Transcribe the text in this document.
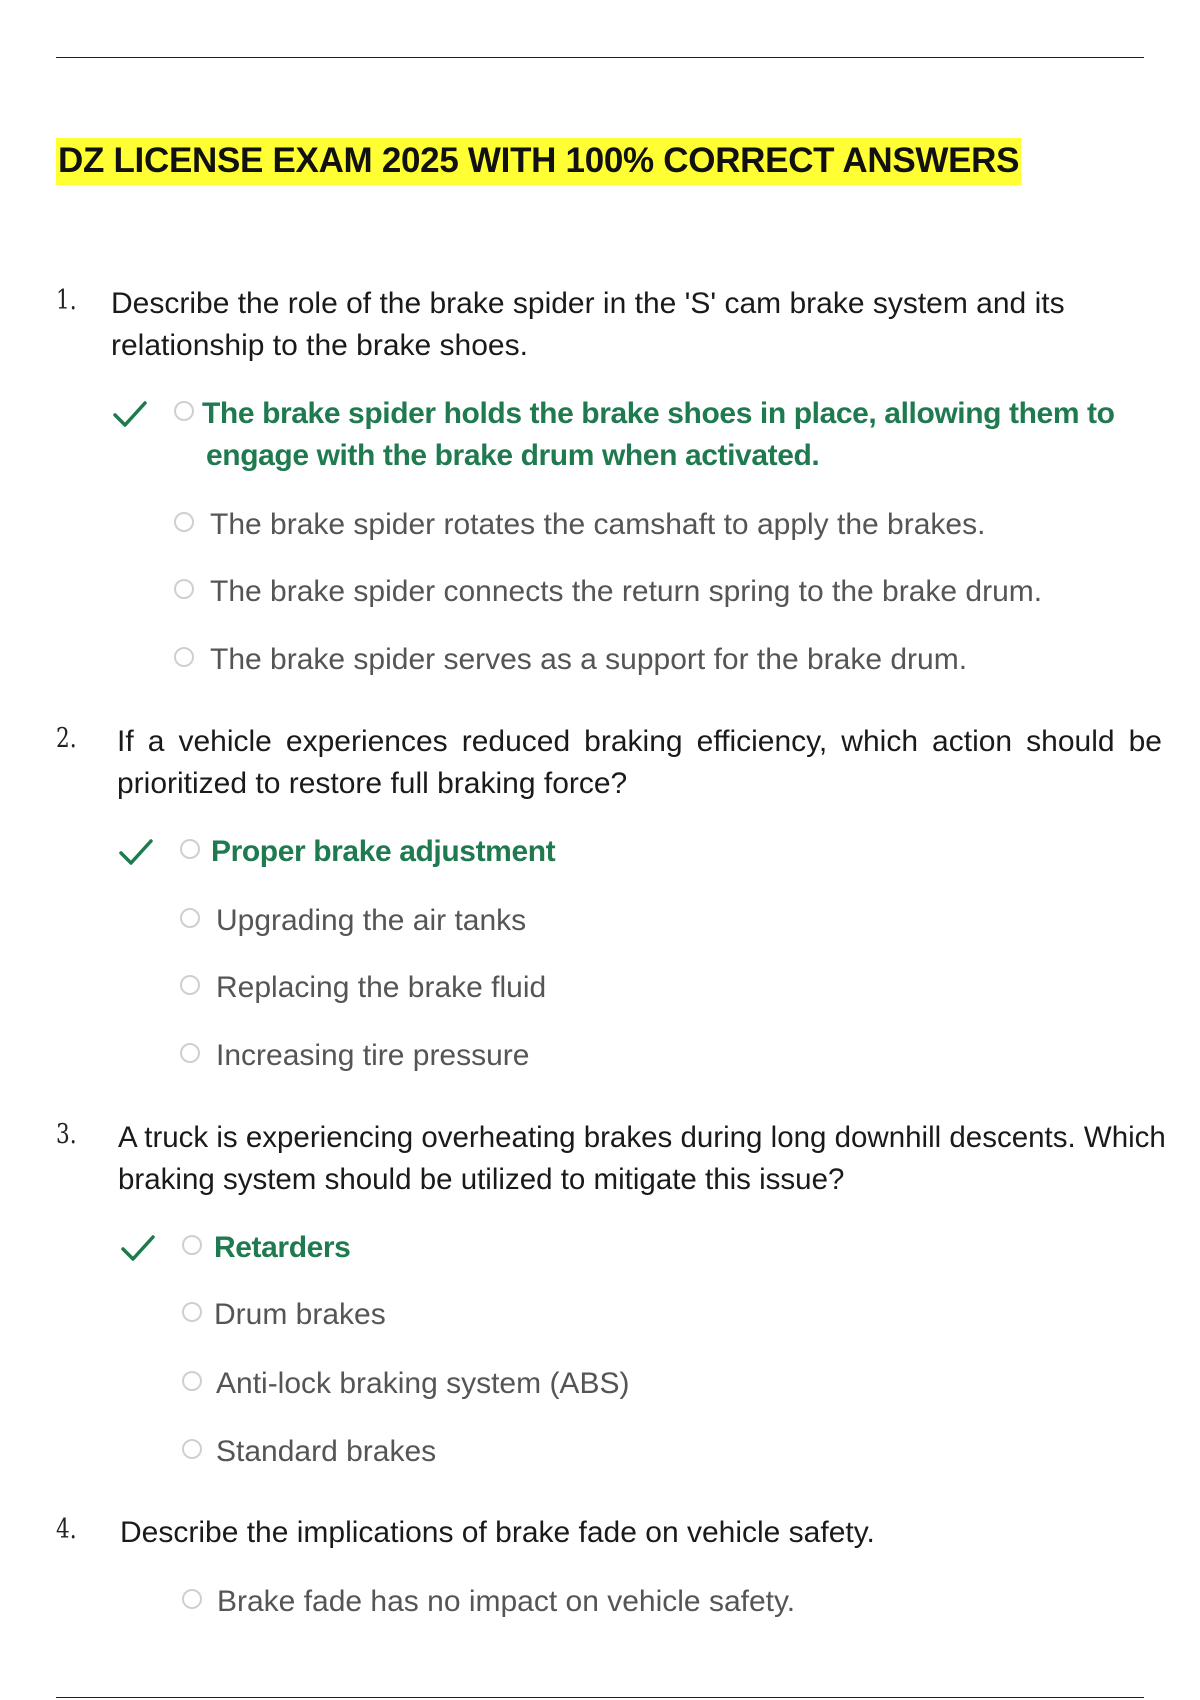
DZ LICENSE EXAM 2025 WITH 100% CORRECT ANSWERS
1. Describe the role of the brake spider in the 'S' cam brake system and its relationship to the brake shoes.
The brake spider holds the brake shoes in place, allowing them to engage with the brake drum when activated.
The brake spider rotates the camshaft to apply the brakes.
The brake spider connects the return spring to the brake drum.
The brake spider serves as a support for the brake drum.
2. If a vehicle experiences reduced braking efficiency, which action should be prioritized to restore full braking force?
Proper brake adjustment
Upgrading the air tanks
Replacing the brake fluid
Increasing tire pressure
3. A truck is experiencing overheating brakes during long downhill descents. Which braking system should be utilized to mitigate this issue?
Retarders
Drum brakes
Anti-lock braking system (ABS)
Standard brakes
4. Describe the implications of brake fade on vehicle safety.
Brake fade has no impact on vehicle safety.
